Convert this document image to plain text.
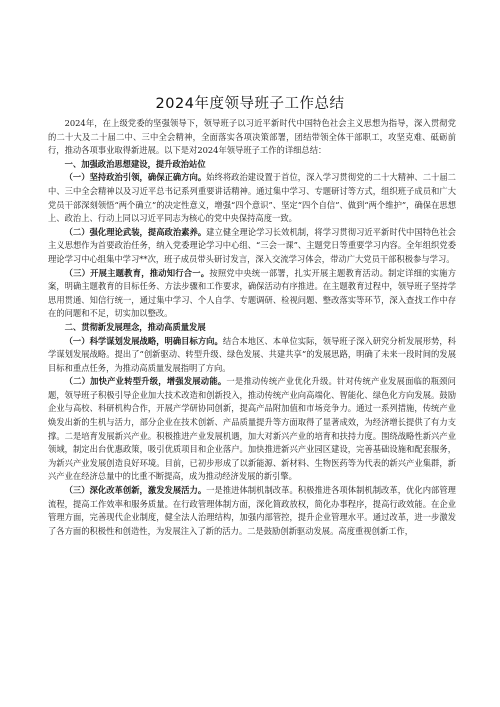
2024年度领导班子工作总结

2024年，在上级党委的坚强领导下，领导班子以习近平新时代中国特色社会主义思想为指导，深入贯彻党的二十大及二十届二中、三中全会精神，全面落实各项决策部署，团结带领全体干部职工，攻坚克难、砥砺前行，推动各项事业取得新进展。以下是对2024年领导班子工作的详细总结：

一、加强政治思想建设，提升政治站位

（一）坚持政治引领，确保正确方向。始终将政治建设置于首位，深入学习贯彻党的二十大精神、二十届二中、三中全会精神以及习近平总书记系列重要讲话精神。通过集中学习、专题研讨等方式，组织班子成员和广大党员干部深刻领悟“两个确立”的决定性意义，增强“四个意识”、坚定“四个自信”、做到“两个维护”，确保在思想上、政治上、行动上同以习近平同志为核心的党中央保持高度一致。

（二）强化理论武装，提高政治素养。建立健全理论学习长效机制，将学习贯彻习近平新时代中国特色社会主义思想作为首要政治任务，纳入党委理论学习中心组、“三会一课”、主题党日等重要学习内容。全年组织党委理论学习中心组集中学习**次，班子成员带头研讨发言，深入交流学习体会，带动广大党员干部积极参与学习。

（三）开展主题教育，推动知行合一。按照党中央统一部署，扎实开展主题教育活动。制定详细的实施方案，明确主题教育的目标任务、方法步骤和工作要求，确保活动有序推进。在主题教育过程中，领导班子坚持学思用贯通、知信行统一，通过集中学习、个人自学、专题调研、检视问题、整改落实等环节，深入查找工作中存在的问题和不足，切实加以整改。

二、贯彻新发展理念，推动高质量发展

（一）科学谋划发展战略，明确目标方向。结合本地区、本单位实际，领导班子深入研究分析发展形势，科学谋划发展战略。提出了“创新驱动、转型升级、绿色发展、共建共享”的发展思路，明确了未来一段时间的发展目标和重点任务，为推动高质量发展指明了方向。

（二）加快产业转型升级，增强发展动能。一是推动传统产业优化升级。针对传统产业发展面临的瓶颈问题，领导班子积极引导企业加大技术改造和创新投入，推动传统产业向高端化、智能化、绿色化方向发展。鼓励企业与高校、科研机构合作，开展产学研协同创新，提高产品附加值和市场竞争力。通过一系列措施，传统产业焕发出新的生机与活力，部分企业在技术创新、产品质量提升等方面取得了显著成效，为经济增长提供了有力支撑。二是培育发展新兴产业。积极推进产业发展机遇，加大对新兴产业的培育和扶持力度。围绕战略性新兴产业领域，制定出台优惠政策，吸引优质项目和企业落户。加快推进新兴产业园区建设，完善基础设施和配套服务，为新兴产业发展创造良好环境。目前，已初步形成了以新能源、新材料、生物医药等为代表的新兴产业集群，新兴产业在经济总量中的比重不断提高，成为推动经济发展的新引擎。

（三）深化改革创新，激发发展活力。一是推进体制机制改革。积极推进各项体制机制改革，优化内部管理流程，提高工作效率和服务质量。在行政管理体制方面，深化简政放权，简化办事程序，提高行政效能。在企业管理方面，完善现代企业制度，健全法人治理结构，加强内部管控，提升企业管理水平。通过改革，进一步激发了各方面的积极性和创造性，为发展注入了新的活力。二是鼓励创新驱动发展。高度重视创新工作，
